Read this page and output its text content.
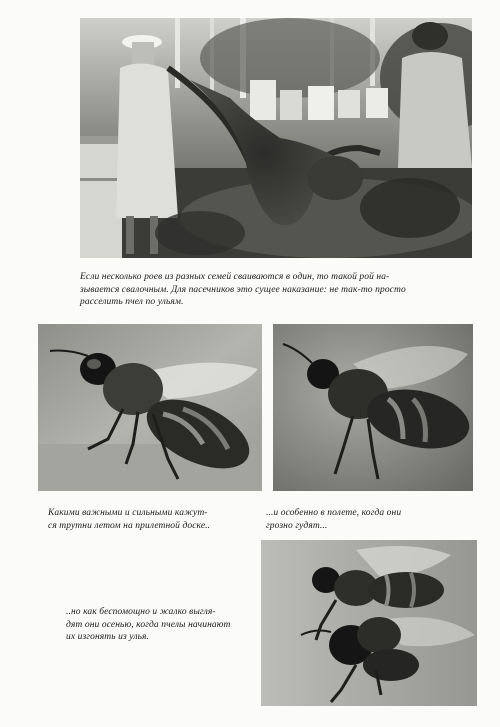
Если несколько роев из разных семей сваиваются в один, то такой рой на-
зывается свалочным. Для пасечников это сущее наказание: не так-то просто
расселить пчел по ульям.
Какими важными и сильными кажут-
ся трутни летом на прилетной доске..
...и особенно в полете, когда они
грозно гудят...
..но как беспомощно и жалко выгля-
дят они осенью, когда пчелы начинают
их изгонять из улья.
